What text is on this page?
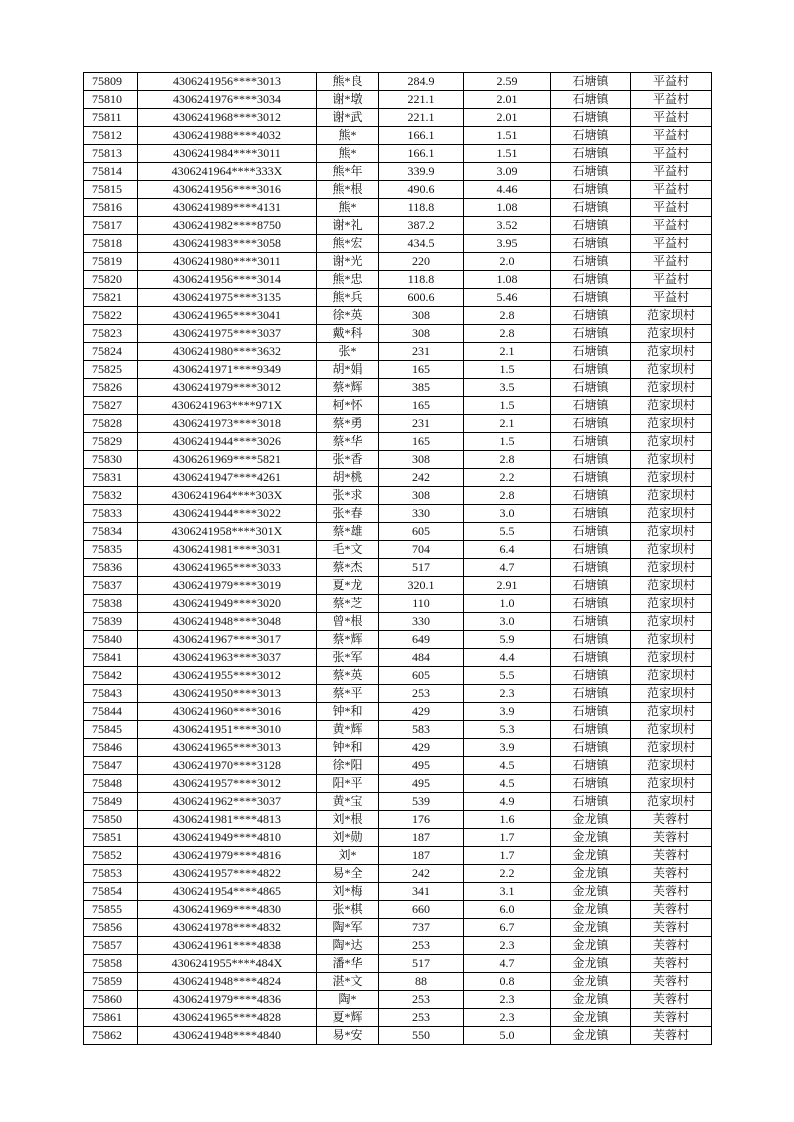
75809	4306241956****3013	熊*良	284.9	2.59	石塘镇	平益村
75810	4306241976****3034	谢*墩	221.1	2.01	石塘镇	平益村
75811	4306241968****3012	谢*武	221.1	2.01	石塘镇	平益村
75812	4306241988****4032	熊*	166.1	1.51	石塘镇	平益村
75813	4306241984****3011	熊*	166.1	1.51	石塘镇	平益村
75814	4306241964****333X	熊*年	339.9	3.09	石塘镇	平益村
75815	4306241956****3016	熊*根	490.6	4.46	石塘镇	平益村
75816	4306241989****4131	熊*	118.8	1.08	石塘镇	平益村
75817	4306241982****8750	谢*礼	387.2	3.52	石塘镇	平益村
75818	4306241983****3058	熊*宏	434.5	3.95	石塘镇	平益村
75819	4306241980****3011	谢*光	220	2.0	石塘镇	平益村
75820	4306241956****3014	熊*忠	118.8	1.08	石塘镇	平益村
75821	4306241975****3135	熊*兵	600.6	5.46	石塘镇	平益村
75822	4306241965****3041	徐*英	308	2.8	石塘镇	范家坝村
75823	4306241975****3037	戴*科	308	2.8	石塘镇	范家坝村
75824	4306241980****3632	张*	231	2.1	石塘镇	范家坝村
75825	4306241971****9349	胡*娟	165	1.5	石塘镇	范家坝村
75826	4306241979****3012	蔡*辉	385	3.5	石塘镇	范家坝村
75827	4306241963****971X	柯*怀	165	1.5	石塘镇	范家坝村
75828	4306241973****3018	蔡*勇	231	2.1	石塘镇	范家坝村
75829	4306241944****3026	蔡*华	165	1.5	石塘镇	范家坝村
75830	4306261969****5821	张*香	308	2.8	石塘镇	范家坝村
75831	4306241947****4261	胡*桃	242	2.2	石塘镇	范家坝村
75832	4306241964****303X	张*求	308	2.8	石塘镇	范家坝村
75833	4306241944****3022	张*春	330	3.0	石塘镇	范家坝村
75834	4306241958****301X	蔡*雄	605	5.5	石塘镇	范家坝村
75835	4306241981****3031	毛*文	704	6.4	石塘镇	范家坝村
75836	4306241965****3033	蔡*杰	517	4.7	石塘镇	范家坝村
75837	4306241979****3019	夏*龙	320.1	2.91	石塘镇	范家坝村
75838	4306241949****3020	蔡*芝	110	1.0	石塘镇	范家坝村
75839	4306241948****3048	曾*根	330	3.0	石塘镇	范家坝村
75840	4306241967****3017	蔡*辉	649	5.9	石塘镇	范家坝村
75841	4306241963****3037	张*军	484	4.4	石塘镇	范家坝村
75842	4306241955****3012	蔡*英	605	5.5	石塘镇	范家坝村
75843	4306241950****3013	蔡*平	253	2.3	石塘镇	范家坝村
75844	4306241960****3016	钟*和	429	3.9	石塘镇	范家坝村
75845	4306241951****3010	黄*辉	583	5.3	石塘镇	范家坝村
75846	4306241965****3013	钟*和	429	3.9	石塘镇	范家坝村
75847	4306241970****3128	徐*阳	495	4.5	石塘镇	范家坝村
75848	4306241957****3012	阳*平	495	4.5	石塘镇	范家坝村
75849	4306241962****3037	黄*宝	539	4.9	石塘镇	范家坝村
75850	4306241981****4813	刘*根	176	1.6	金龙镇	芙蓉村
75851	4306241949****4810	刘*勋	187	1.7	金龙镇	芙蓉村
75852	4306241979****4816	刘*	187	1.7	金龙镇	芙蓉村
75853	4306241957****4822	易*全	242	2.2	金龙镇	芙蓉村
75854	4306241954****4865	刘*梅	341	3.1	金龙镇	芙蓉村
75855	4306241969****4830	张*棋	660	6.0	金龙镇	芙蓉村
75856	4306241978****4832	陶*军	737	6.7	金龙镇	芙蓉村
75857	4306241961****4838	陶*达	253	2.3	金龙镇	芙蓉村
75858	4306241955****484X	潘*华	517	4.7	金龙镇	芙蓉村
75859	4306241948****4824	湛*文	88	0.8	金龙镇	芙蓉村
75860	4306241979****4836	陶*	253	2.3	金龙镇	芙蓉村
75861	4306241965****4828	夏*辉	253	2.3	金龙镇	芙蓉村
75862	4306241948****4840	易*安	550	5.0	金龙镇	芙蓉村
